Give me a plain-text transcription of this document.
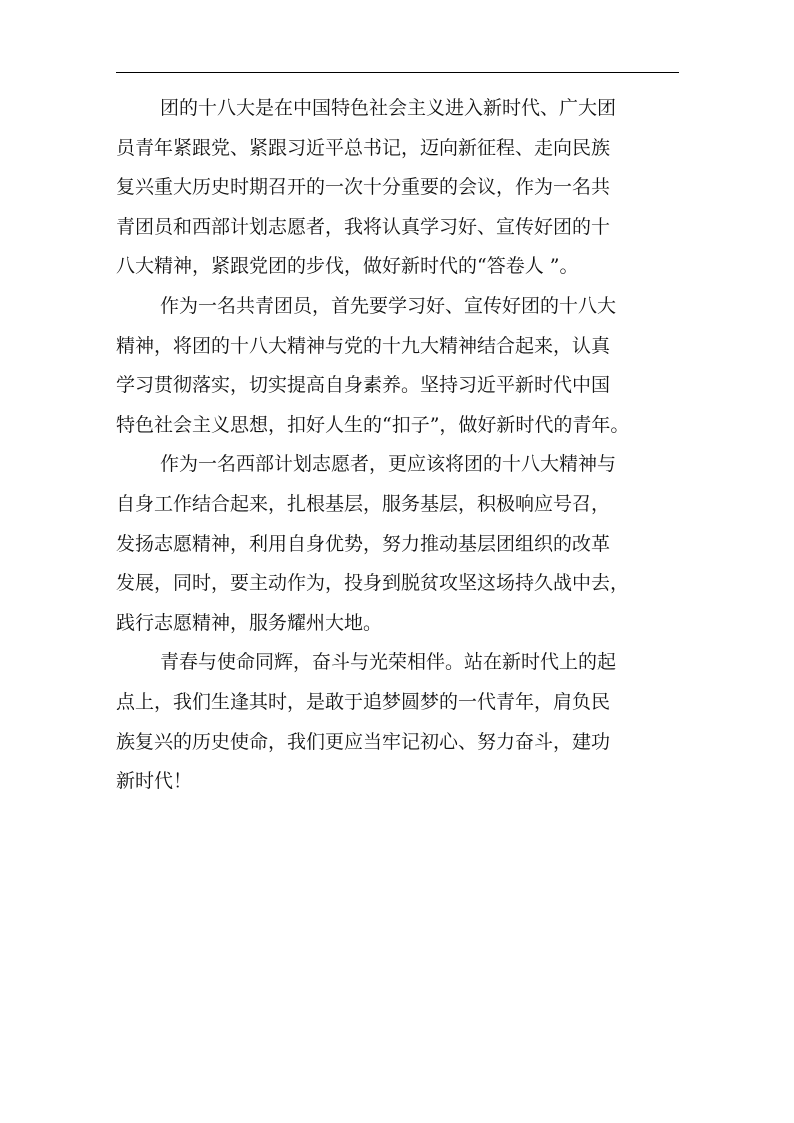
团的十八大是在中国特色社会主义进入新时代、广大团
员青年紧跟党、紧跟习近平总书记，迈向新征程、走向民族
复兴重大历史时期召开的一次十分重要的会议，作为一名共
青团员和西部计划志愿者，我将认真学习好、宣传好团的十
八大精神，紧跟党团的步伐，做好新时代的“答卷人 ”。

作为一名共青团员，首先要学习好、宣传好团的十八大
精神，将团的十八大精神与党的十九大精神结合起来，认真
学习贯彻落实，切实提高自身素养。坚持习近平新时代中国
特色社会主义思想，扣好人生的“扣子”，做好新时代的青年。

作为一名西部计划志愿者，更应该将团的十八大精神与
自身工作结合起来，扎根基层，服务基层，积极响应号召，
发扬志愿精神，利用自身优势，努力推动基层团组织的改革
发展，同时，要主动作为，投身到脱贫攻坚这场持久战中去，
践行志愿精神，服务耀州大地。

青春与使命同辉，奋斗与光荣相伴。站在新时代上的起
点上，我们生逢其时，是敢于追梦圆梦的一代青年，肩负民
族复兴的历史使命，我们更应当牢记初心、努力奋斗，建功
新时代！
